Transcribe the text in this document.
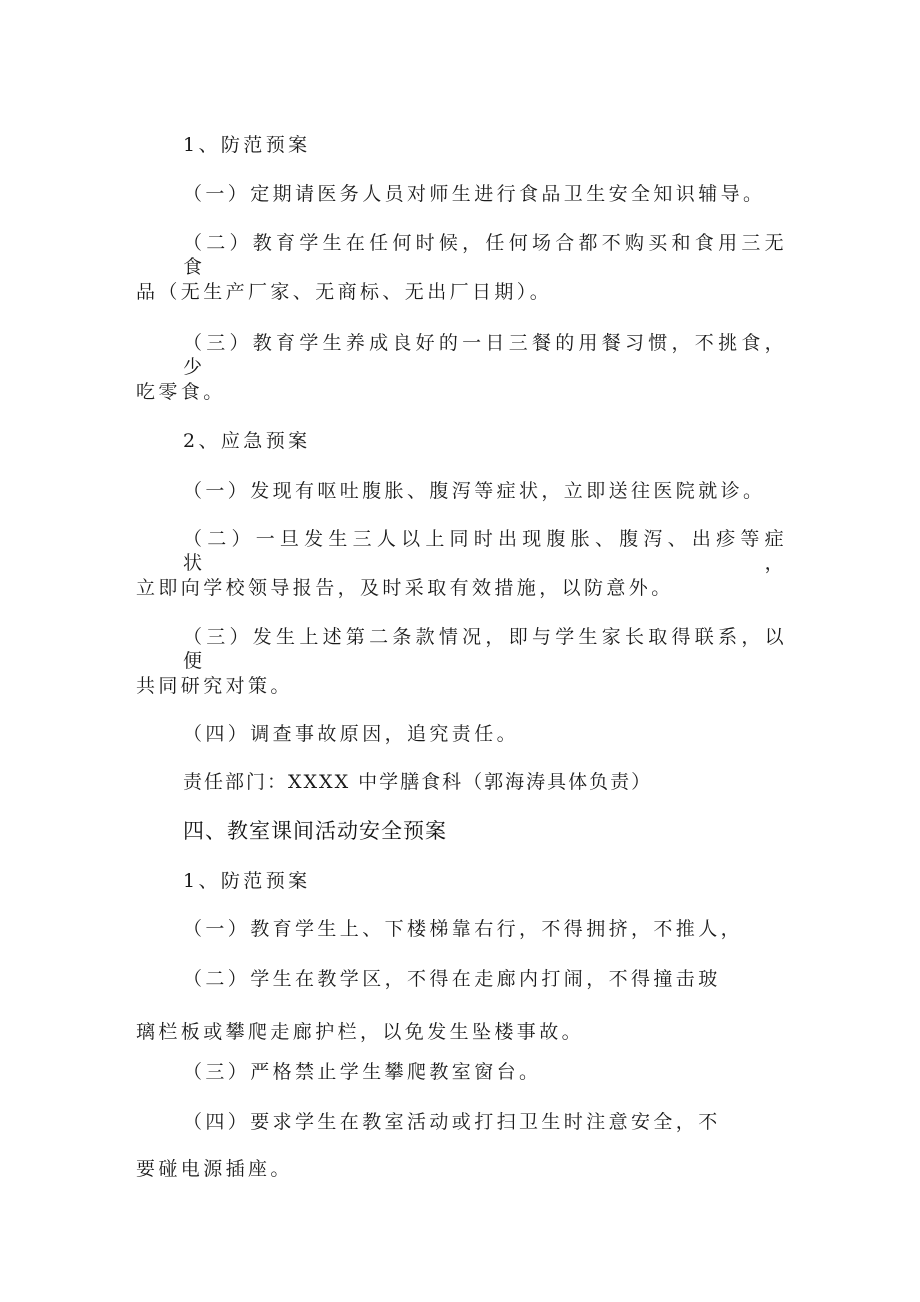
1、防范预案
（一）定期请医务人员对师生进行食品卫生安全知识辅导。
（二）教育学生在任何时候，任何场合都不购买和食用三无食
品（无生产厂家、无商标、无出厂日期）。
（三）教育学生养成良好的一日三餐的用餐习惯，不挑食，少
吃零食。
2、应急预案
（一）发现有呕吐腹胀、腹泻等症状，立即送往医院就诊。
（二）一旦发生三人以上同时出现腹胀、腹泻、出疹等症状，
立即向学校领导报告，及时采取有效措施，以防意外。
（三）发生上述第二条款情况，即与学生家长取得联系，以便
共同研究对策。
（四）调查事故原因，追究责任。
责任部门：XXXX 中学膳食科（郭海涛具体负责）
四、教室课间活动安全预案
1、防范预案
（一）教育学生上、下楼梯靠右行，不得拥挤，不推人，
（二）学生在教学区，不得在走廊内打闹，不得撞击玻
璃栏板或攀爬走廊护栏，以免发生坠楼事故。
（三）严格禁止学生攀爬教室窗台。
（四）要求学生在教室活动或打扫卫生时注意安全，不
要碰电源插座。
